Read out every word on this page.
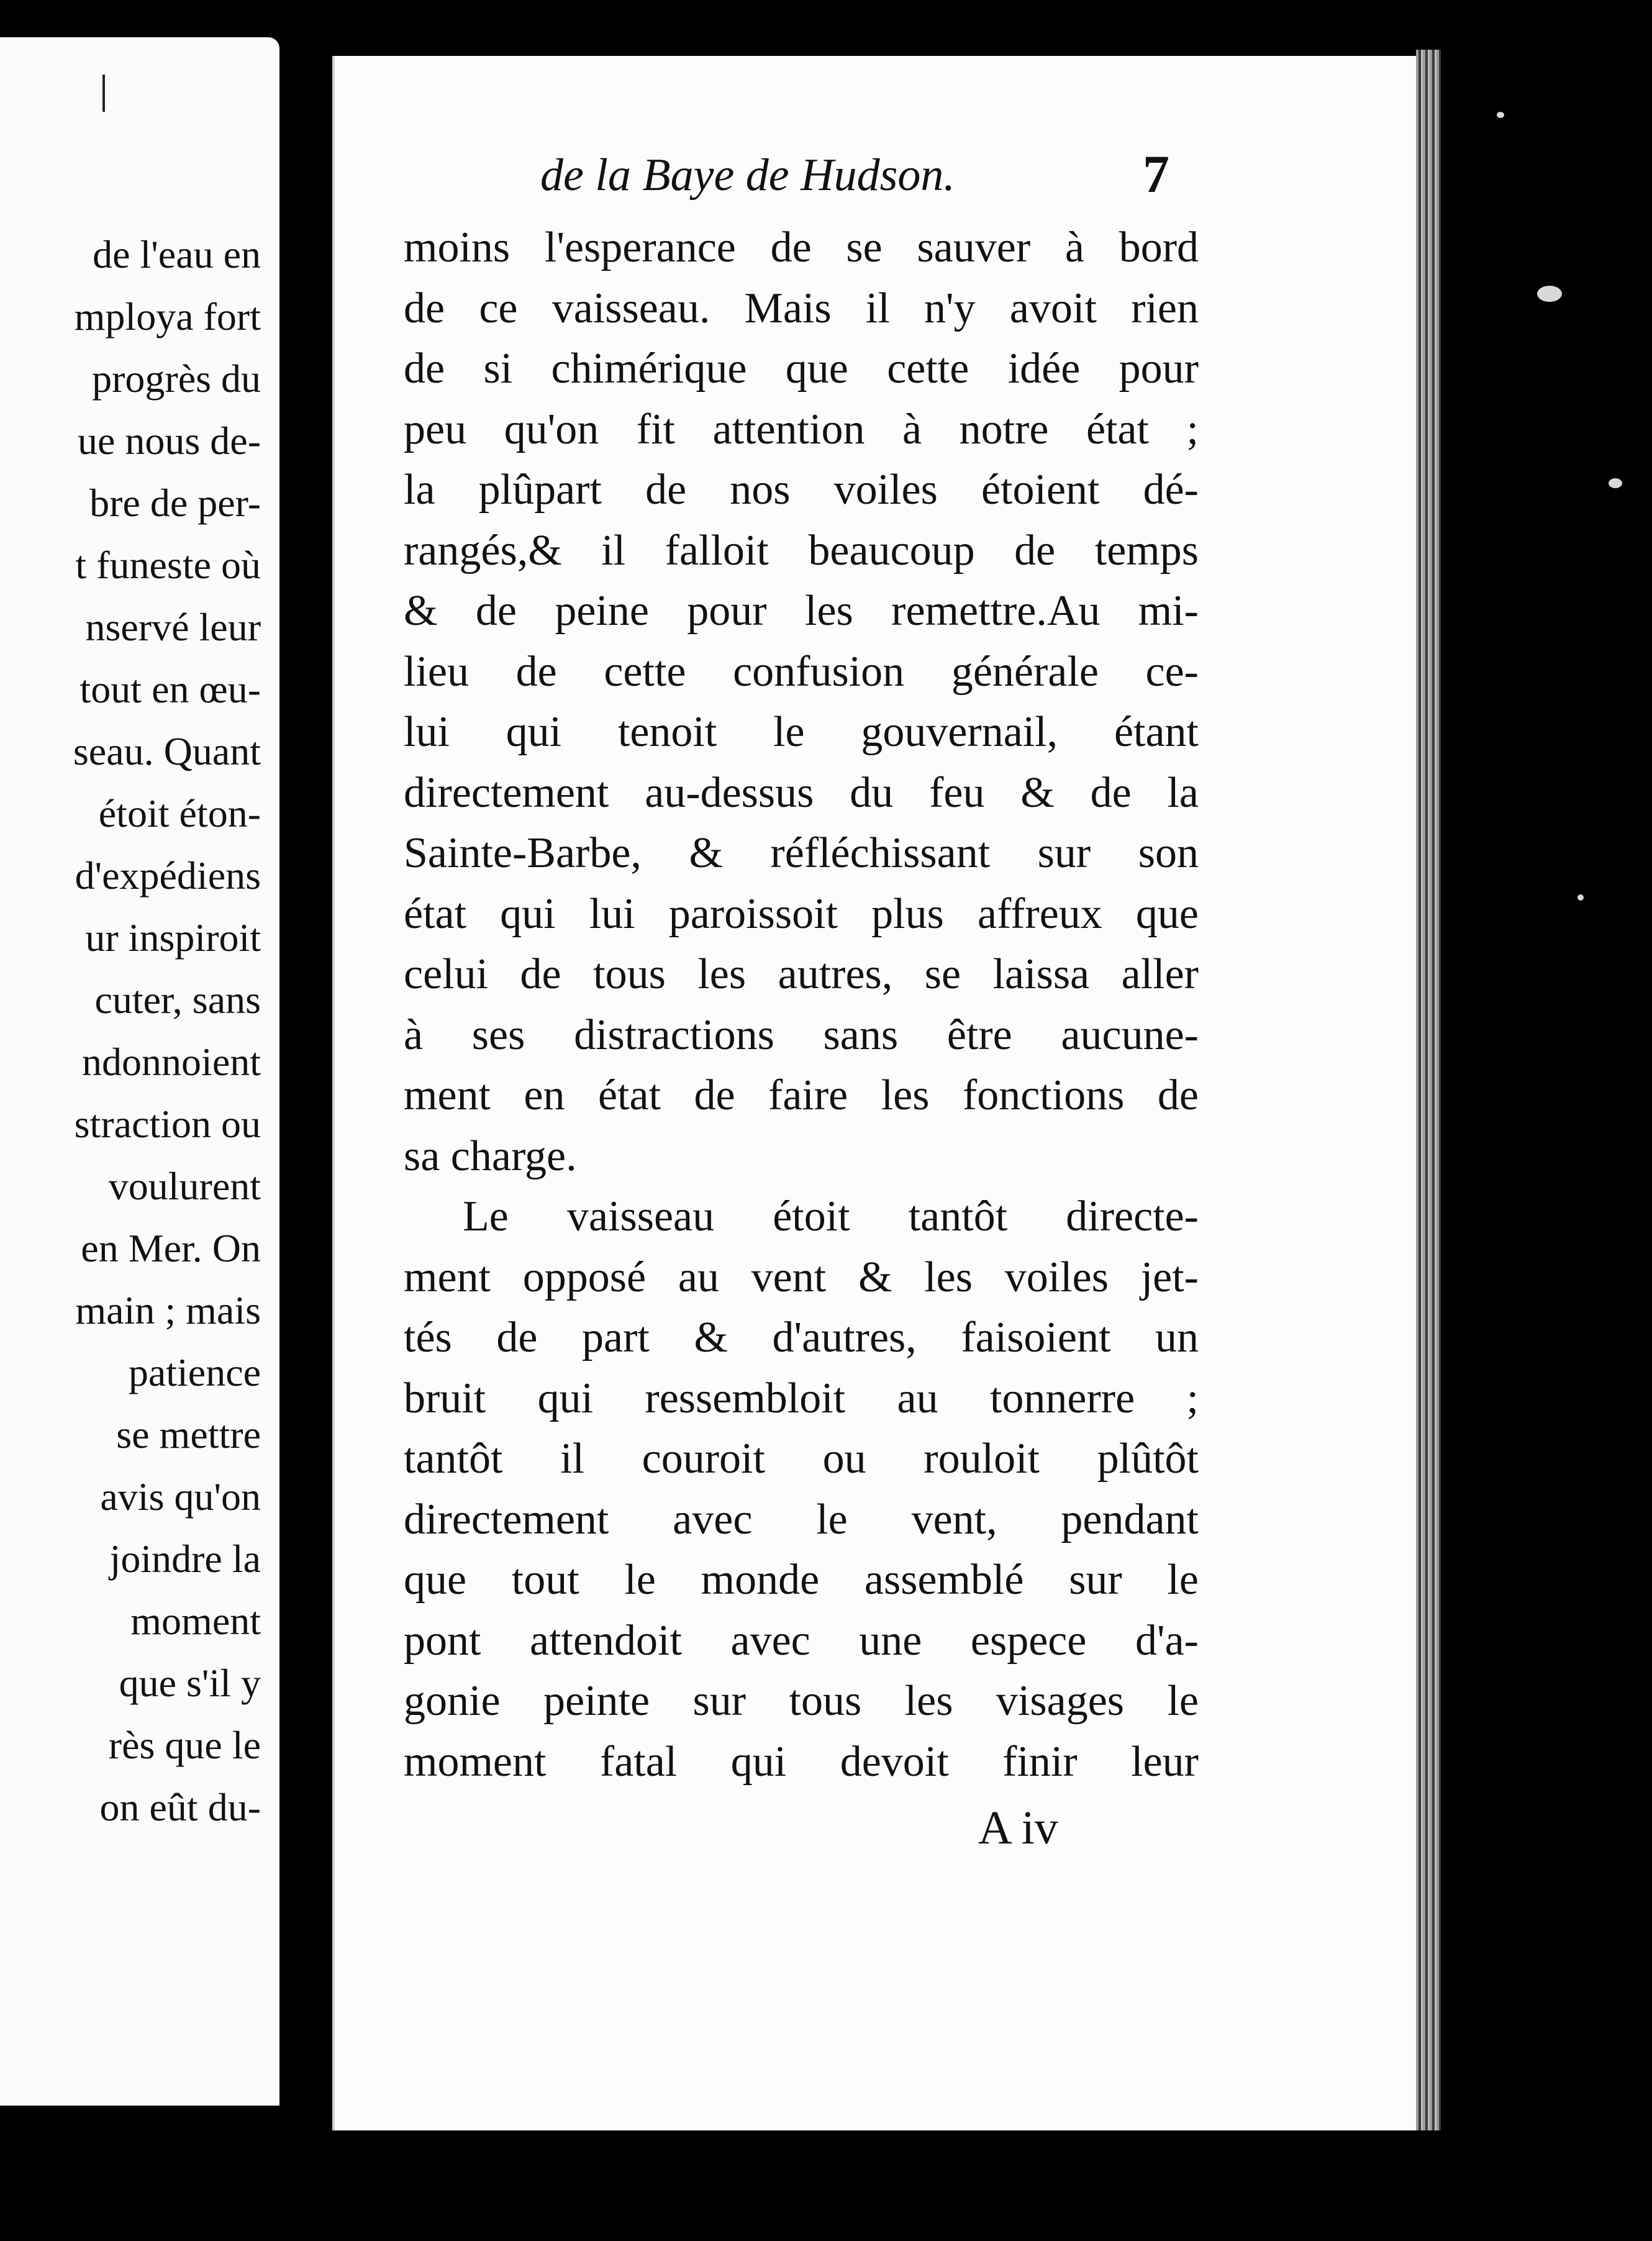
de l'eau en
mploya fort
progrès du
ue nous de-
bre de per-
t funeste où
nservé leur
tout en œu-
seau. Quant
étoit éton-
d'expédiens
ur inspiroit
cuter, sans
ndonnoient
straction ou
voulurent
en Mer. On
main ; mais
patience
se mettre
avis qu'on
joindre la
moment
que s'il y
rès que le
on eût du-
de la Baye de Hudson.	7
moins l'esperance de se sauver à bord
de ce vaisseau. Mais il n'y avoit rien
de si chimérique que cette idée pour
peu qu'on fit attention à notre état ;
la plûpart de nos voiles étoient dé-
rangés,& il falloit beaucoup de temps
& de peine pour les remettre.Au mi-
lieu de cette confusion générale ce-
lui qui tenoit le gouvernail, étant
directement au-dessus du feu & de la
Sainte-Barbe, & réfléchissant sur son
état qui lui paroissoit plus affreux que
celui de tous les autres, se laissa aller
à ses distractions sans être aucune-
ment en état de faire les fonctions de
sa charge.
Le vaisseau étoit tantôt directe-
ment opposé au vent & les voiles jet-
tés de part & d'autres, faisoient un
bruit qui ressembloit au tonnerre ;
tantôt il couroit ou rouloit plûtôt
directement avec le vent, pendant
que tout le monde assemblé sur le
pont attendoit avec une espece d'a-
gonie peinte sur tous les visages le
moment fatal qui devoit finir leur
A iv
